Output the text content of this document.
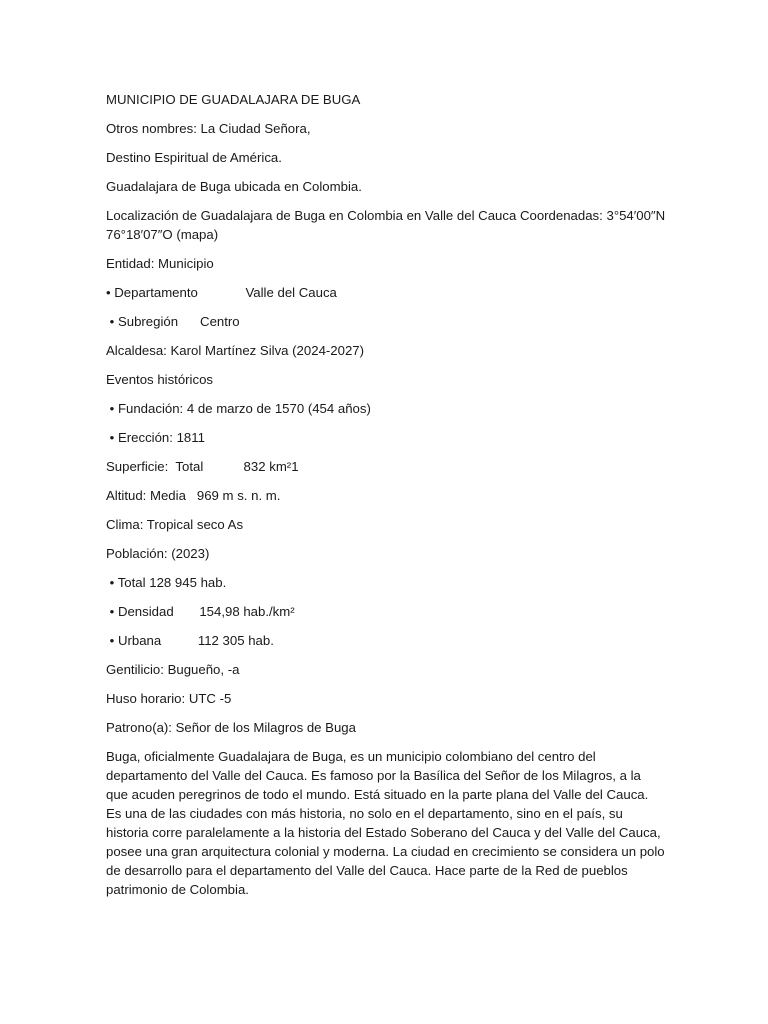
MUNICIPIO DE GUADALAJARA DE BUGA

Otros nombres: La Ciudad Señora,

Destino Espiritual de América.

Guadalajara de Buga ubicada en Colombia.

Localización de Guadalajara de Buga en Colombia en Valle del Cauca Coordenadas: 3°54′00″N 76°18′07″O (mapa)

Entidad: Municipio

• Departamento             Valle del Cauca

• Subregión      Centro

Alcaldesa: Karol Martínez Silva (2024-2027)

Eventos históricos

• Fundación: 4 de marzo de 1570 (454 años)

• Erección: 1811

Superficie:  Total           832 km²1

Altitud: Media   969 m s. n. m.

Clima: Tropical seco As

Población: (2023)

• Total 128 945 hab.

• Densidad       154,98 hab./km²

• Urbana          112 305 hab.

Gentilicio: Bugueño, -a

Huso horario: UTC -5

Patrono(a): Señor de los Milagros de Buga

Buga, oficialmente Guadalajara de Buga, es un municipio colombiano del centro del departamento del Valle del Cauca. Es famoso por la Basílica del Señor de los Milagros, a la que acuden peregrinos de todo el mundo. Está situado en la parte plana del Valle del Cauca. Es una de las ciudades con más historia, no solo en el departamento, sino en el país, su historia corre paralelamente a la historia del Estado Soberano del Cauca y del Valle del Cauca, posee una gran arquitectura colonial y moderna. La ciudad en crecimiento se considera un polo de desarrollo para el departamento del Valle del Cauca. Hace parte de la Red de pueblos patrimonio de Colombia.
